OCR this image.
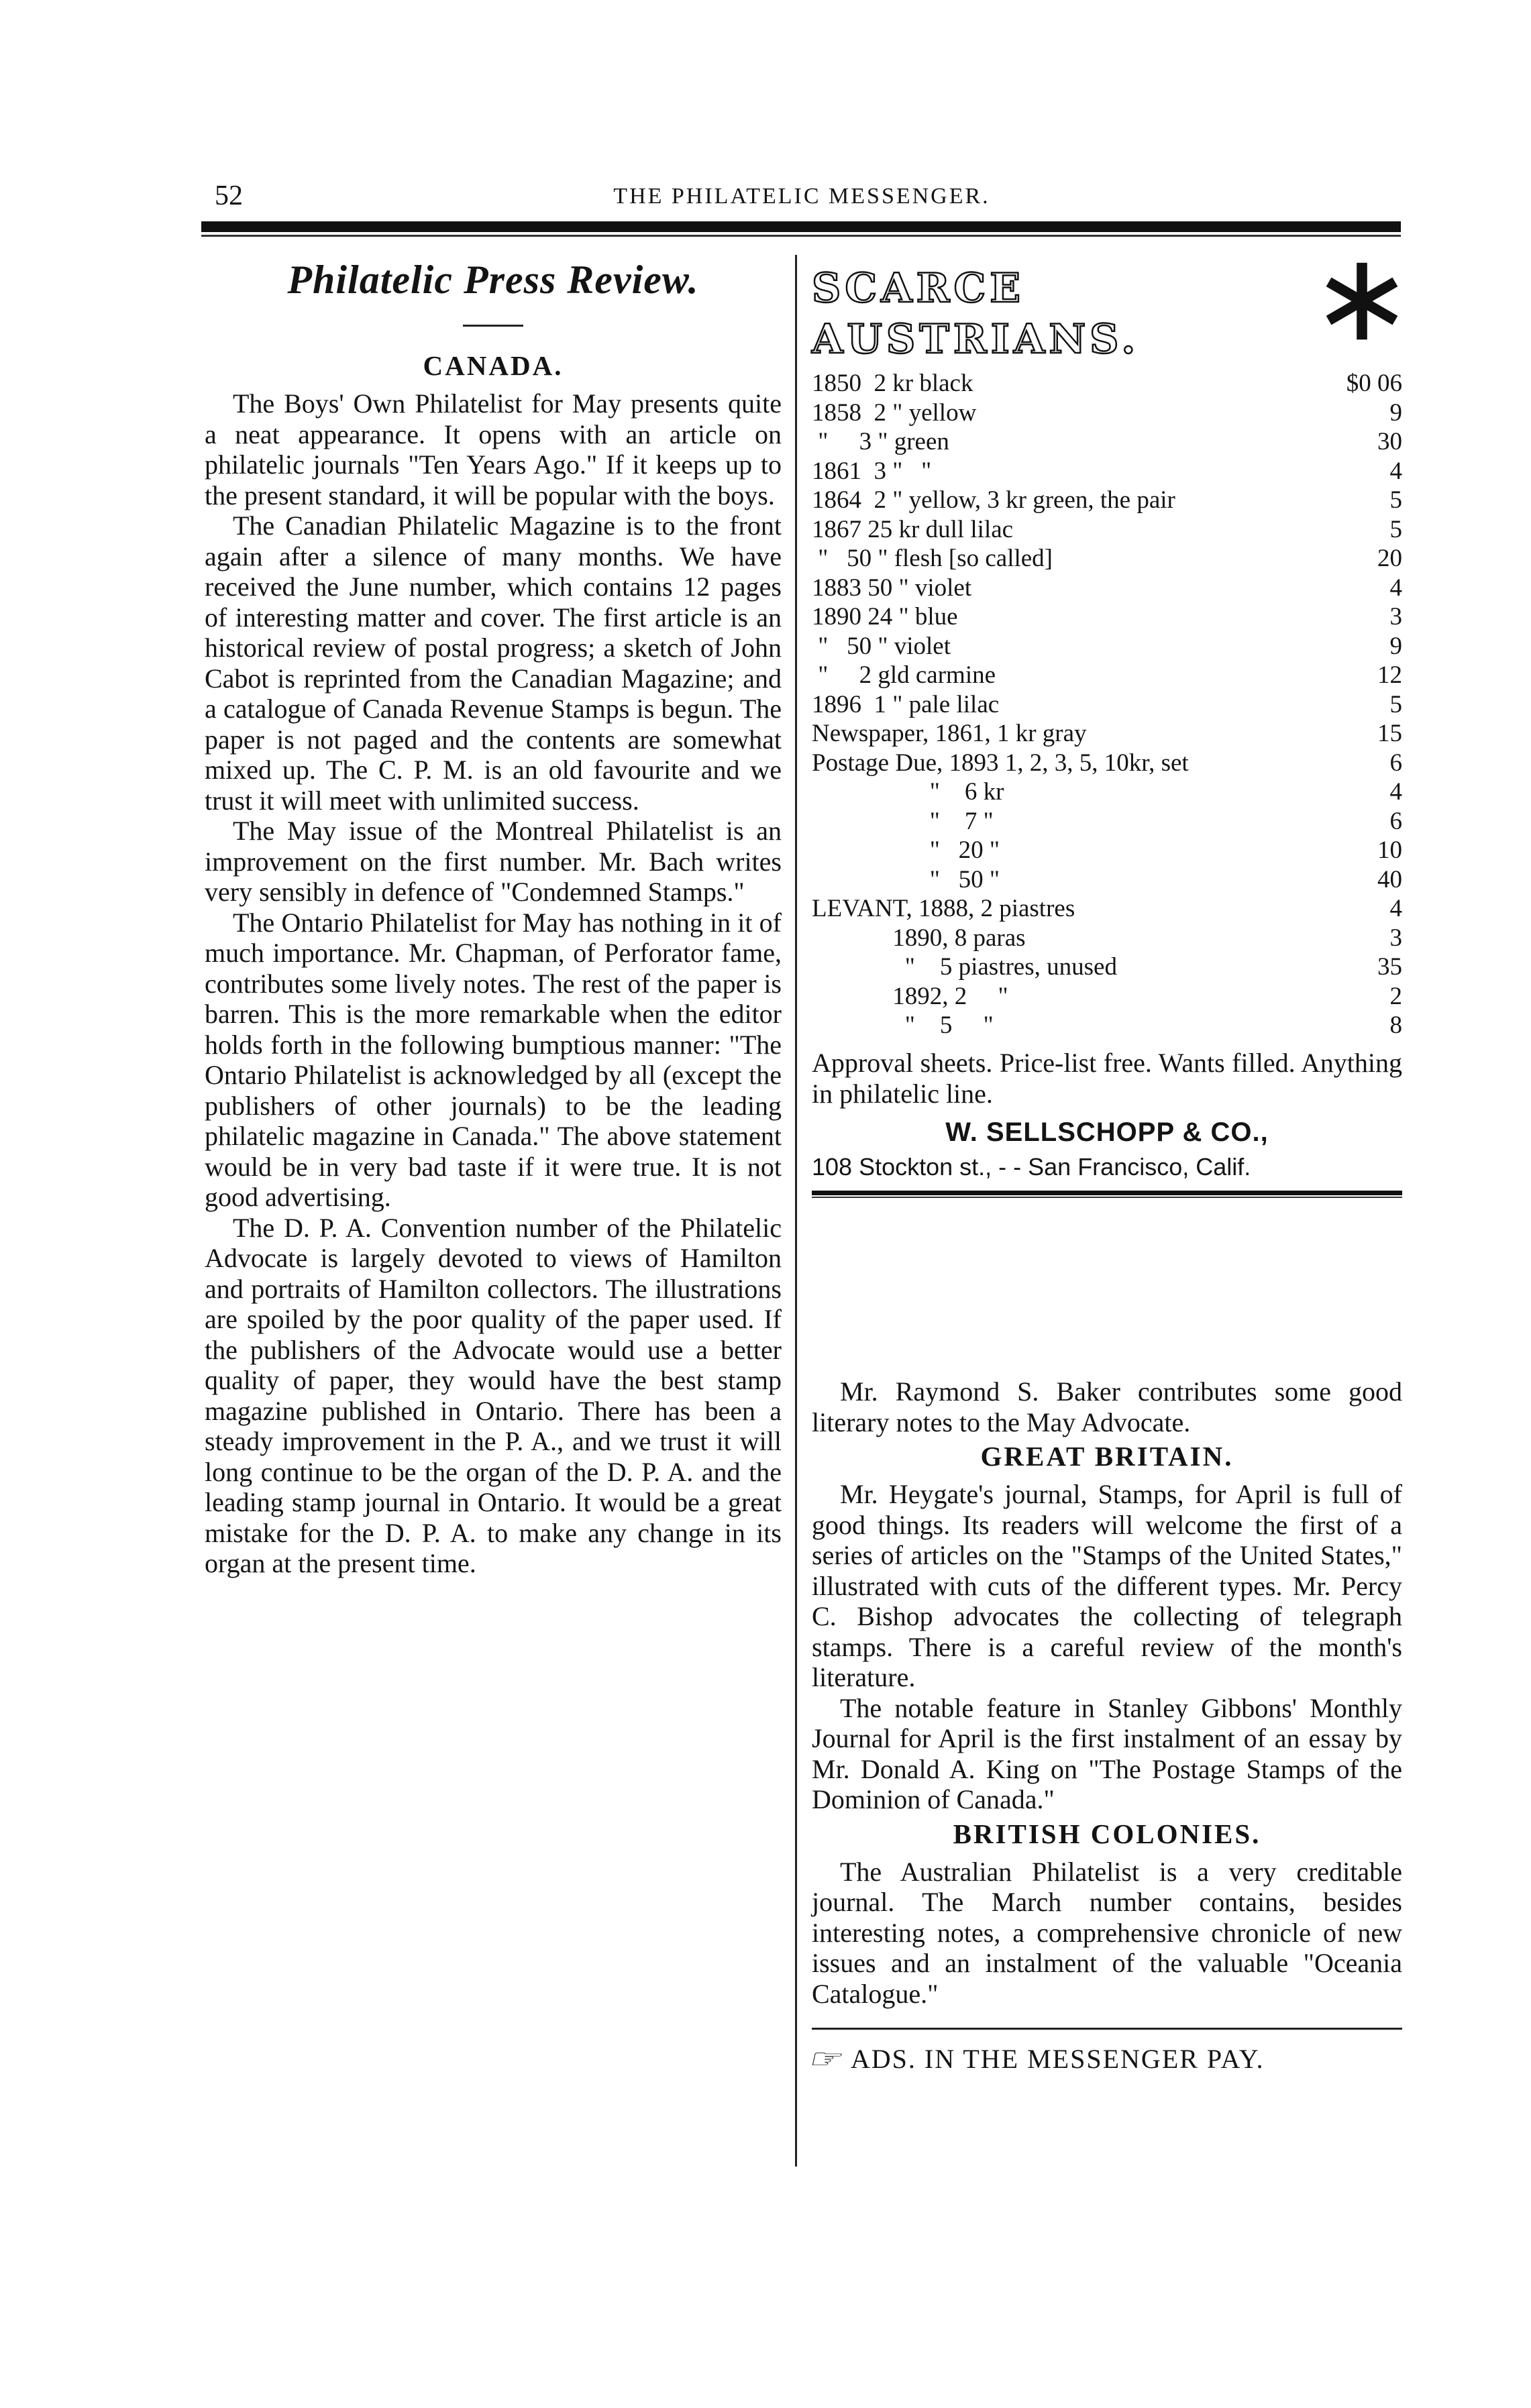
52	THE PHILATELIC MESSENGER.
Philatelic Press Review.
CANADA.

The Boys' Own Philatelist for May presents quite a neat appearance. It opens with an article on philatelic journals "Ten Years Ago." If it keeps up to the present standard, it will be popular with the boys.

The Canadian Philatelic Magazine is to the front again after a silence of many months. We have received the June number, which contains 12 pages of interesting matter and cover. The first article is an historical review of postal progress; a sketch of John Cabot is reprinted from the Canadian Magazine; and a catalogue of Canada Revenue Stamps is begun. The paper is not paged and the contents are somewhat mixed up. The C. P. M. is an old favourite and we trust it will meet with unlimited success.

The May issue of the Montreal Philatelist is an improvement on the first number. Mr. Bach writes very sensibly in defence of "Condemned Stamps."

The Ontario Philatelist for May has nothing in it of much importance. Mr. Chapman, of Perforator fame, contributes some lively notes. The rest of the paper is barren. This is the more remarkable when the editor holds forth in the following bumptious manner: "The Ontario Philatelist is acknowledged by all (except the publishers of other journals) to be the leading philatelic magazine in Canada." The above statement would be in very bad taste if it were true. It is not good advertising.

The D. P. A. Convention number of the Philatelic Advocate is largely devoted to views of Hamilton and portraits of Hamilton collectors. The illustrations are spoiled by the poor quality of the paper used. If the publishers of the Advocate would use a better quality of paper, they would have the best stamp magazine published in Ontario. There has been a steady improvement in the P. A., and we trust it will long continue to be the organ of the D. P. A. and the leading stamp journal in Ontario. It would be a great mistake for the D. P. A. to make any change in its organ at the present time.

SCARCE
AUSTRIANS.
1850  2 kr black	$0 06
1858  2 " yellow	9
"     3 " green	30
1861  3 "   "	4
1864  2 " yellow, 3 kr green, the pair	5
1867 25 kr dull lilac	5
"   50 " flesh [so called]	20
1883 50 " violet	4
1890 24 " blue	3
"   50 " violet	9
"     2 gld carmine	12
1896  1 " pale lilac	5
Newspaper, 1861, 1 kr gray	15
Postage Due, 1893 1, 2, 3, 5, 10kr, set	6
"    6 kr	4
"    7 "	6
"   20 "	10
"   50 "	40
LEVANT, 1888, 2 piastres	4
1890, 8 paras	3
"    5 piastres, unused	35
1892, 2     "	2
"    5     "	8

Approval sheets. Price-list free. Wants filled. Anything in philatelic line.

W. SELLSCHOPP & CO.,

108 Stockton st., - - San Francisco, Calif.

Mr. Raymond S. Baker contributes some good literary notes to the May Advocate.

GREAT BRITAIN.

Mr. Heygate's journal, Stamps, for April is full of good things. Its readers will welcome the first of a series of articles on the "Stamps of the United States," illustrated with cuts of the different types. Mr. Percy C. Bishop advocates the collecting of telegraph stamps. There is a careful review of the month's literature.

The notable feature in Stanley Gibbons' Monthly Journal for April is the first instalment of an essay by Mr. Donald A. King on "The Postage Stamps of the Dominion of Canada."

BRITISH COLONIES.

The Australian Philatelist is a very creditable journal. The March number contains, besides interesting notes, a comprehensive chronicle of new issues and an instalment of the valuable "Oceania Catalogue."

☞ ADS. IN THE MESSENGER PAY.
